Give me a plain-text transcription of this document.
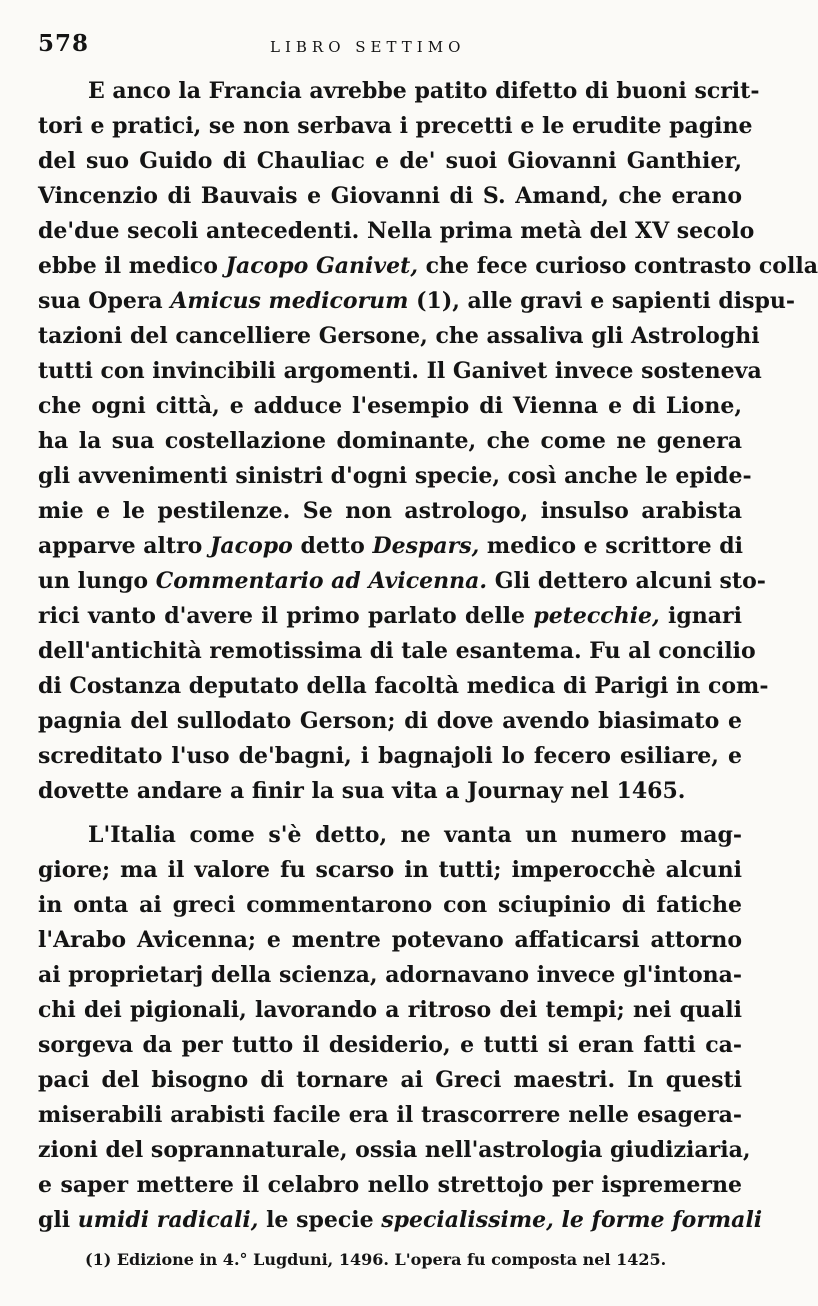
578	LIBRO SETTIMO
E anco la Francia avrebbe patito difetto di buoni scrit-
tori e pratici, se non serbava i precetti e le erudite pagine
del suo Guido di Chauliac e de' suoi Giovanni Ganthier,
Vincenzio di Bauvais e Giovanni di S. Amand, che erano
de'due secoli antecedenti. Nella prima metà del XV secolo
ebbe il medico Jacopo Ganivet, che fece curioso contrasto colla
sua Opera Amicus medicorum (1), alle gravi e sapienti dispu-
tazioni del cancelliere Gersone, che assaliva gli Astrologhi
tutti con invincibili argomenti. Il Ganivet invece sosteneva
che ogni città, e adduce l'esempio di Vienna e di Lione,
ha la sua costellazione dominante, che come ne genera
gli avvenimenti sinistri d'ogni specie, così anche le epide-
mie e le pestilenze. Se non astrologo, insulso arabista
apparve altro Jacopo detto Despars, medico e scrittore di
un lungo Commentario ad Avicenna. Gli dettero alcuni sto-
rici vanto d'avere il primo parlato delle petecchie, ignari
dell'antichità remotissima di tale esantema. Fu al concilio
di Costanza deputato della facoltà medica di Parigi in com-
pagnia del sullodato Gerson; di dove avendo biasimato e
screditato l'uso de'bagni, i bagnajoli lo fecero esiliare, e
dovette andare a finir la sua vita a Journay nel 1465.
L'Italia come s'è detto, ne vanta un numero mag-
giore; ma il valore fu scarso in tutti; imperocchè alcuni
in onta ai greci commentarono con sciupinio di fatiche
l'Arabo Avicenna; e mentre potevano affaticarsi attorno
ai proprietarj della scienza, adornavano invece gl'intona-
chi dei pigionali, lavorando a ritroso dei tempi; nei quali
sorgeva da per tutto il desiderio, e tutti si eran fatti ca-
paci del bisogno di tornare ai Greci maestri. In questi
miserabili arabisti facile era il trascorrere nelle esagera-
zioni del soprannaturale, ossia nell'astrologia giudiziaria,
e saper mettere il celabro nello strettojo per ispremerne
gli umidi radicali, le specie specialissime, le forme formali
(1) Edizione in 4.° Lugduni, 1496. L'opera fu composta nel 1425.
